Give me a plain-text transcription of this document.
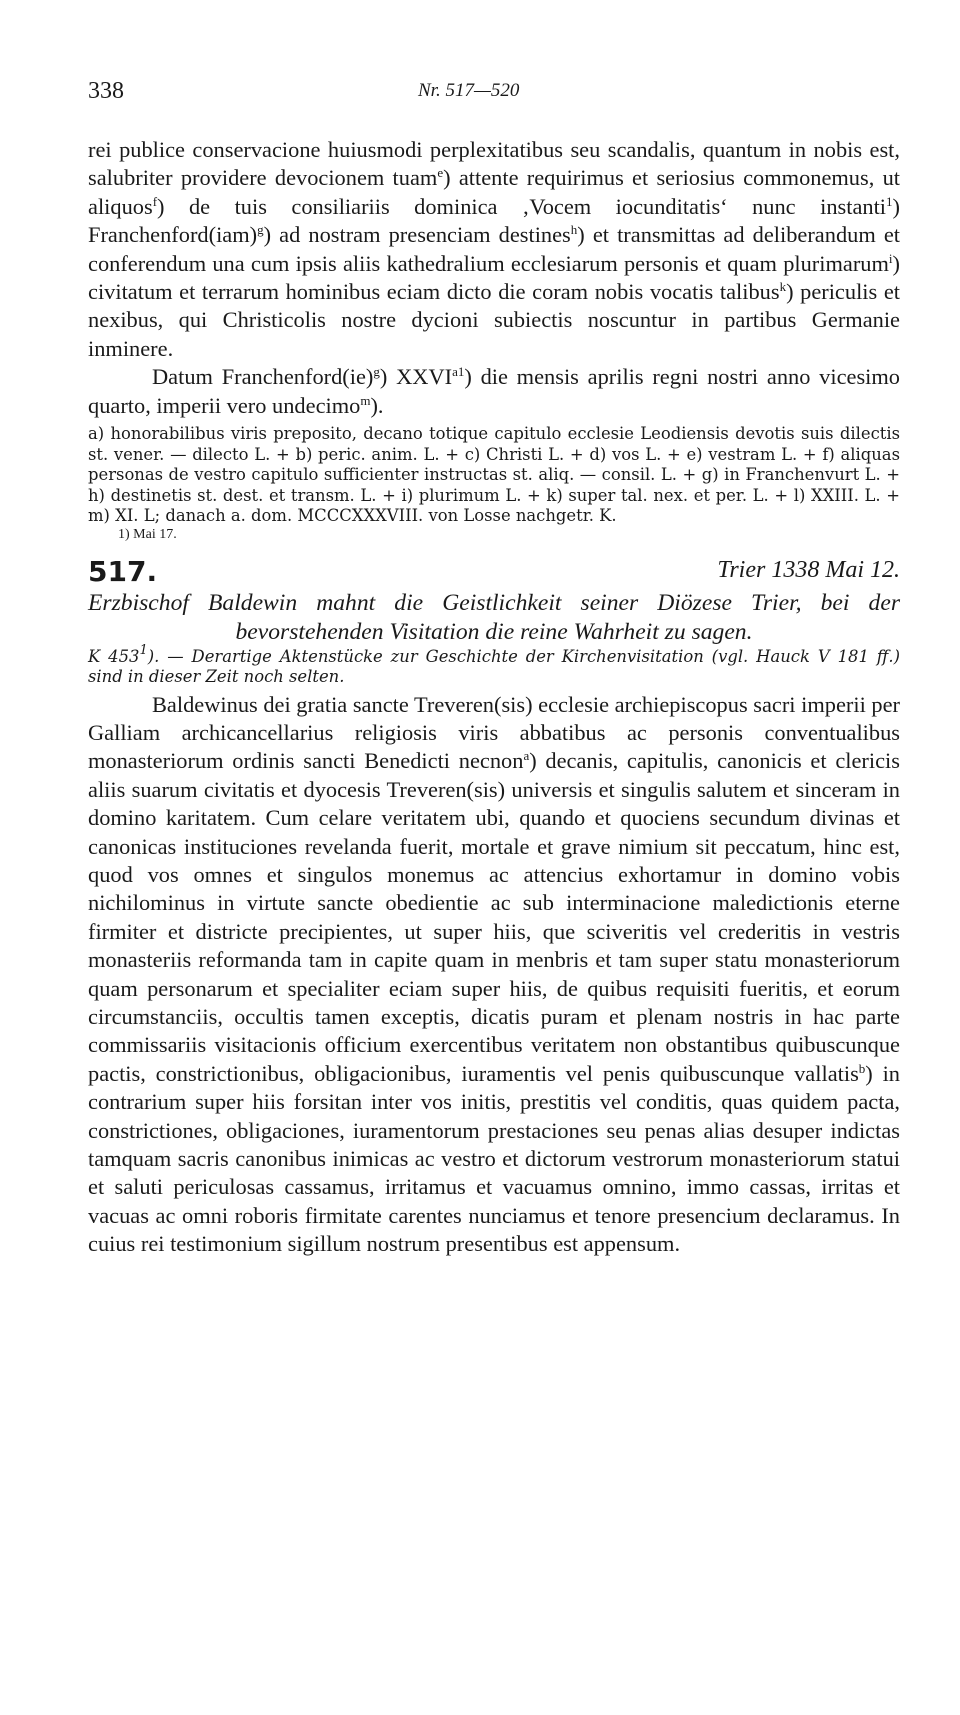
338	Nr. 517—520

rei publice conservacione huiusmodi perplexitatibus seu scandalis, quantum in nobis est, salubriter providere devocionem tuam$^e$) attente requirimus et seriosius commonemus, ut aliquos$^f$) de tuis consiliariis dominica ‚Vocem iocunditatis‘ nunc instanti$^1$) Franchenford(iam)$^g$) ad nostram presenciam destines$^h$) et transmittas ad deliberandum et conferendum una cum ipsis aliis kathedralium ecclesiarum personis et quam plurimarum$^i$) civitatum et terrarum hominibus eciam dicto die coram nobis vocatis talibus$^k$) periculis et nexibus, qui Christicolis nostre dycioni subiectis noscuntur in partibus Germanie inminere.

Datum Franchenford(ie)$^g$) $XXVI^{a1}$) die mensis aprilis regni nostri anno vicesimo quarto, imperii vero undecimo$^m$).

a) honorabilibus viris preposito, decano totique capitulo ecclesie Leodiensis devotis suis dilectis st. vener. — dilecto L. + b) peric. anim. L. + c) Christi L. + d) vos L. + e) vestram L. + f) aliquas personas de vestro capitulo sufficienter instructas st. aliq. — consil. L. + g) in Franchenvurt L. + h) destinetis st. dest. et transm. L. + i) plurimum L. + k) super tal. nex. et per. L. + l) XXIII. L. + m) XI. L; danach a. dom. MCCCXXXVIII. von Losse nachgetr. K.

1) Mai 17.

517.	Trier 1338 Mai 12.

Erzbischof Baldewin mahnt die Geistlichkeit seiner Diözese Trier, bei der bevorstehenden Visitation die reine Wahrheit zu sagen.

K $453^1$). — Derartige Aktenstücke zur Geschichte der Kirchenvisitation (vgl. Hauck V 181 ff.) sind in dieser Zeit noch selten.

Baldewinus dei gratia sancte Treveren(sis) ecclesie archiepiscopus sacri imperii per Galliam archicancellarius religiosis viris abbatibus ac personis conventualibus monasteriorum ordinis sancti Benedicti necnon$^a$) decanis, capitulis, canonicis et clericis aliis suarum civitatis et dyocesis Treveren(sis) universis et singulis salutem et sinceram in domino karitatem. Cum celare veritatem ubi, quando et quociens secundum divinas et canonicas instituciones revelanda fuerit, mortale et grave nimium sit peccatum, hinc est, quod vos omnes et singulos monemus ac attencius exhortamur in domino vobis nichilominus in virtute sancte obedientie ac sub interminacione maledictionis eterne firmiter et districte precipientes, ut super hiis, que sciveritis vel crederitis in vestris monasteriis reformanda tam in capite quam in menbris et tam super statu monasteriorum quam personarum et specialiter eciam super hiis, de quibus requisiti fueritis, et eorum circumstanciis, occultis tamen exceptis, dicatis puram et plenam nostris in hac parte commissariis visitacionis officium exercentibus veritatem non obstantibus quibuscunque pactis, constrictionibus, obligacionibus, iuramentis vel penis quibuscunque vallatis$^b$) in contrarium super hiis forsitan inter vos initis, prestitis vel conditis, quas quidem pacta, constrictiones, obligaciones, iuramentorum prestaciones seu penas alias desuper indictas tamquam sacris canonibus inimicas ac vestro et dictorum vestrorum monasteriorum statui et saluti periculosas cassamus, irritamus et vacuamus omnino, immo cassas, irritas et vacuas ac omni roboris firmitate carentes nunciamus et tenore presencium declaramus. In cuius rei testimonium sigillum nostrum presentibus est appensum.
